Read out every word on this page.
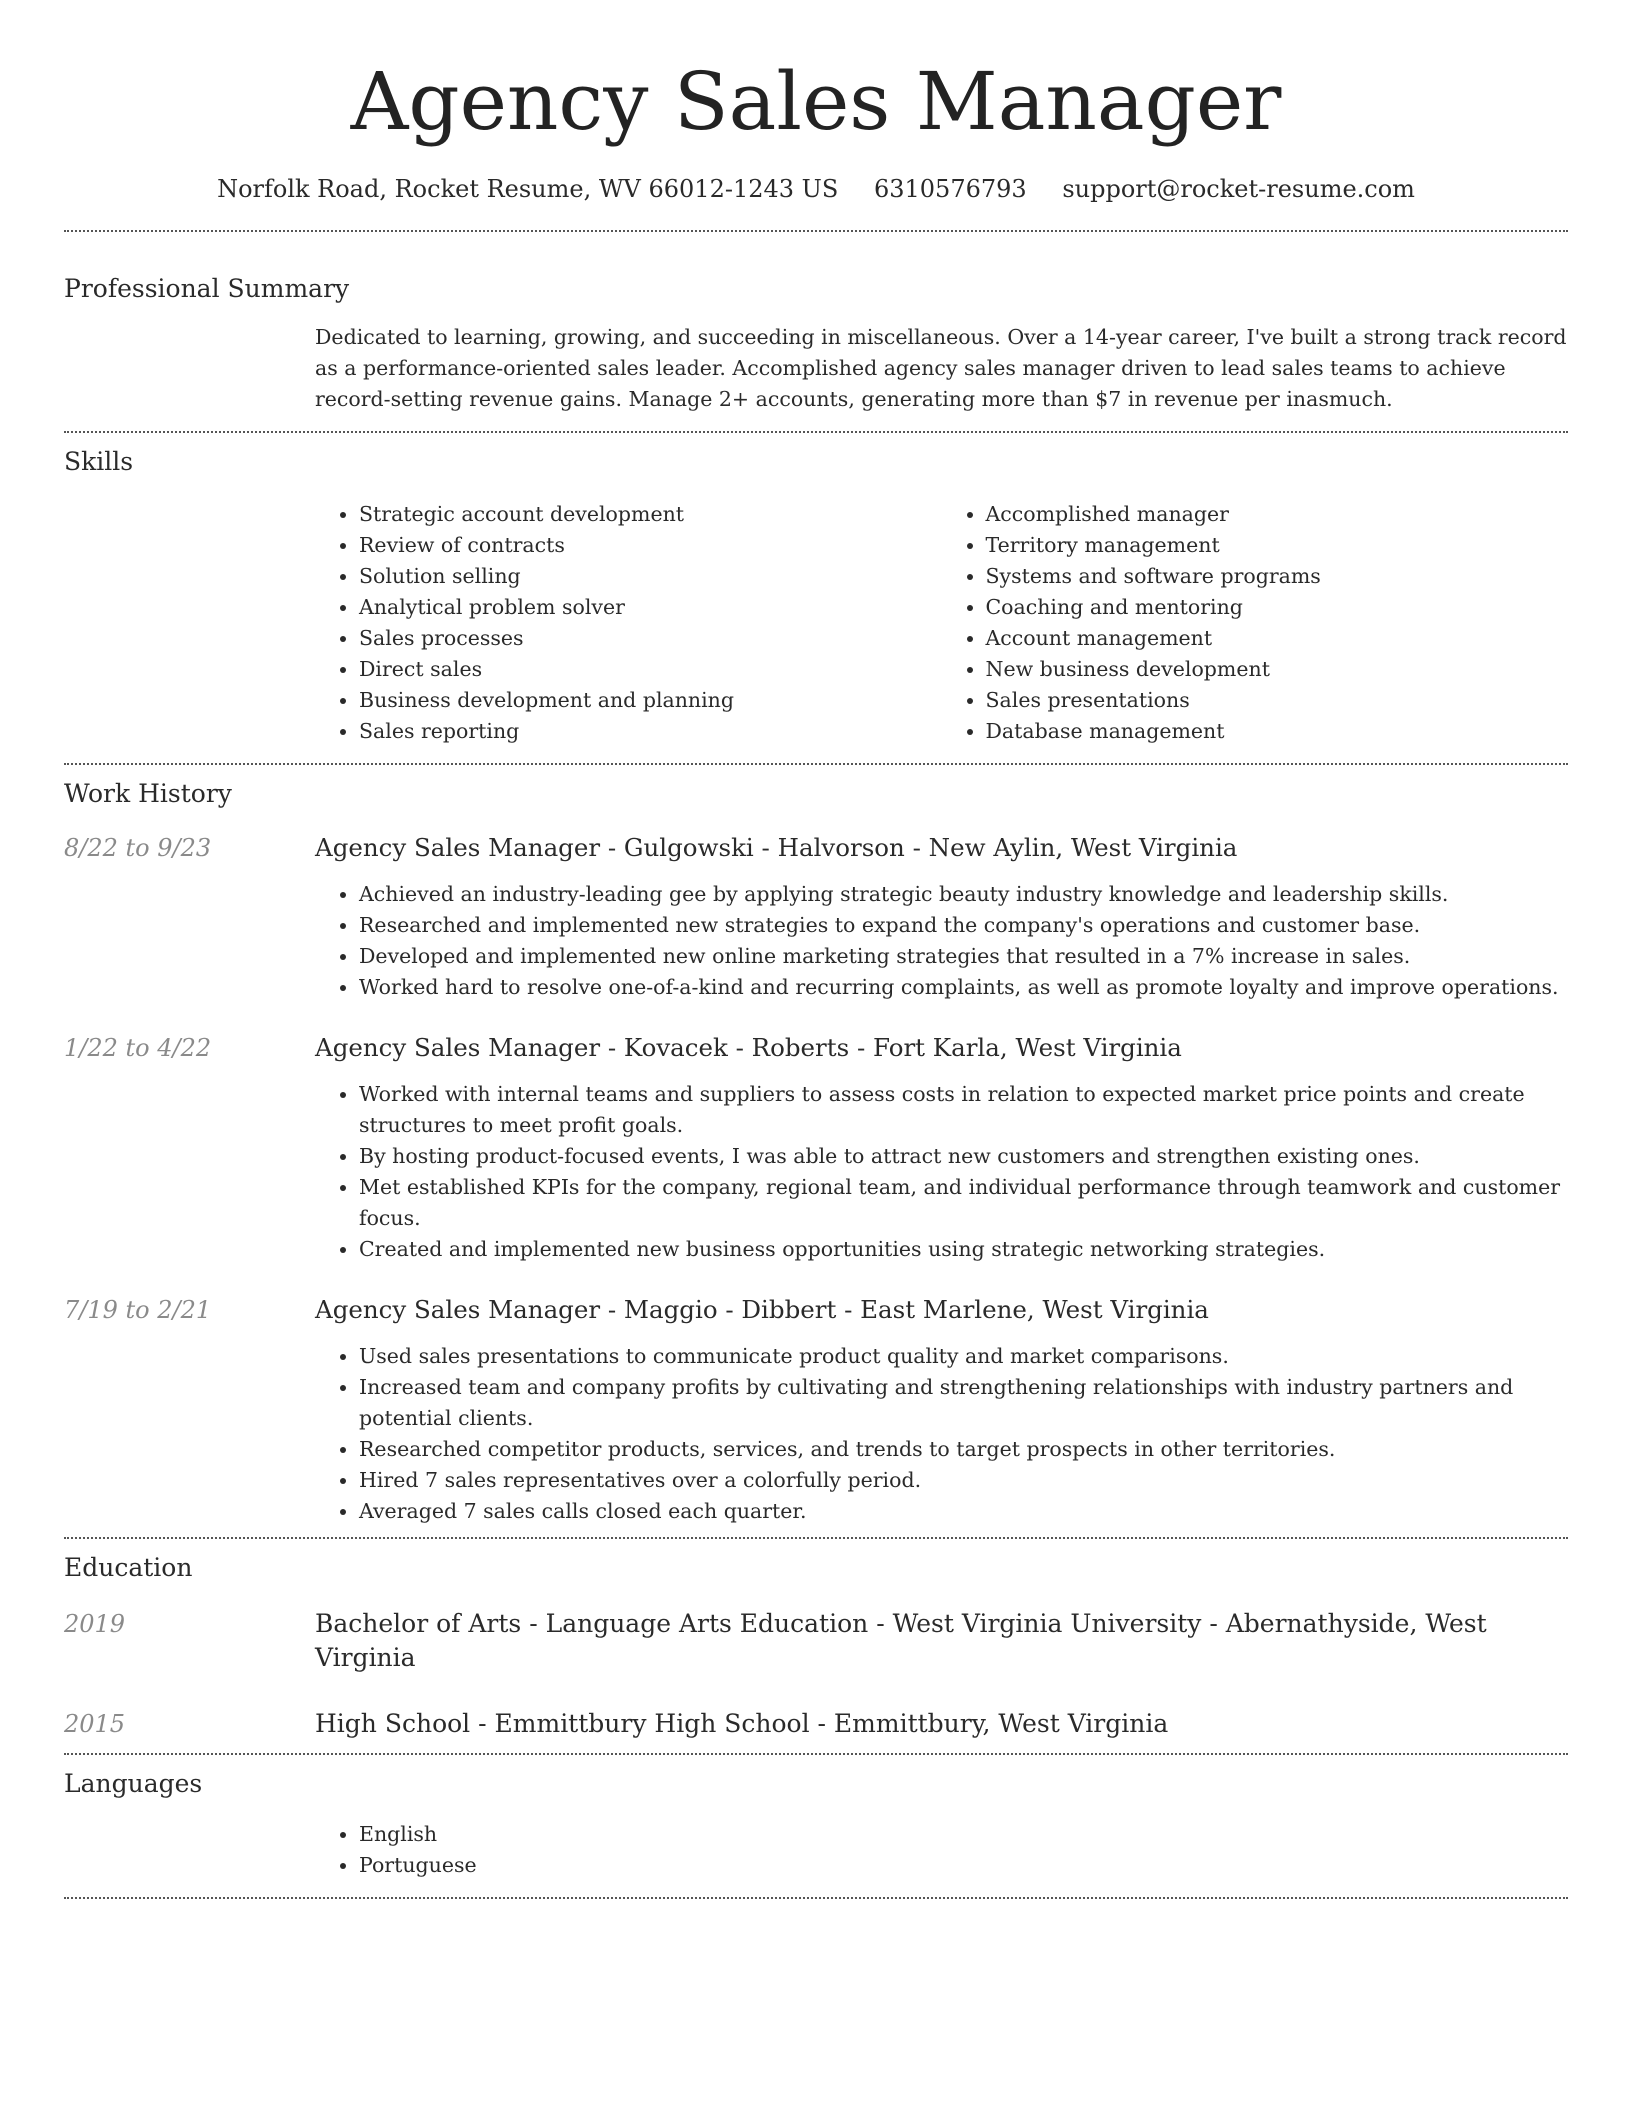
Agency Sales Manager
Norfolk Road, Rocket Resume, WV 66012-1243 US 6310576793 support@rocket-resume.com
Professional Summary

Dedicated to learning, growing, and succeeding in miscellaneous. Over a 14-year career, I've built a strong track record as a performance-oriented sales leader. Accomplished agency sales manager driven to lead sales teams to achieve record-setting revenue gains. Manage 2+ accounts, generating more than $7 in revenue per inasmuch.

Skills
• Strategic account development
• Review of contracts
• Solution selling
• Analytical problem solver
• Sales processes
• Direct sales
• Business development and planning
• Sales reporting
• Accomplished manager
• Territory management
• Systems and software programs
• Coaching and mentoring
• Account management
• New business development
• Sales presentations
• Database management
Work History
8/22 to 9/23	Agency Sales Manager - Gulgowski - Halvorson - New Aylin, West Virginia
• Achieved an industry-leading gee by applying strategic beauty industry knowledge and leadership skills.
• Researched and implemented new strategies to expand the company's operations and customer base.
• Developed and implemented new online marketing strategies that resulted in a 7% increase in sales.
• Worked hard to resolve one-of-a-kind and recurring complaints, as well as promote loyalty and improve operations.
1/22 to 4/22	Agency Sales Manager - Kovacek - Roberts - Fort Karla, West Virginia
• Worked with internal teams and suppliers to assess costs in relation to expected market price points and create structures to meet profit goals.
• By hosting product-focused events, I was able to attract new customers and strengthen existing ones.
• Met established KPIs for the company, regional team, and individual performance through teamwork and customer focus.
• Created and implemented new business opportunities using strategic networking strategies.
7/19 to 2/21	Agency Sales Manager - Maggio - Dibbert - East Marlene, West Virginia
• Used sales presentations to communicate product quality and market comparisons.
• Increased team and company profits by cultivating and strengthening relationships with industry partners and potential clients.
• Researched competitor products, services, and trends to target prospects in other territories.
• Hired 7 sales representatives over a colorfully period.
• Averaged 7 sales calls closed each quarter.
Education
2019	Bachelor of Arts - Language Arts Education - West Virginia University - Abernathyside, West Virginia
2015	High School - Emmittbury High School - Emmittbury, West Virginia
Languages
• English
• Portuguese
